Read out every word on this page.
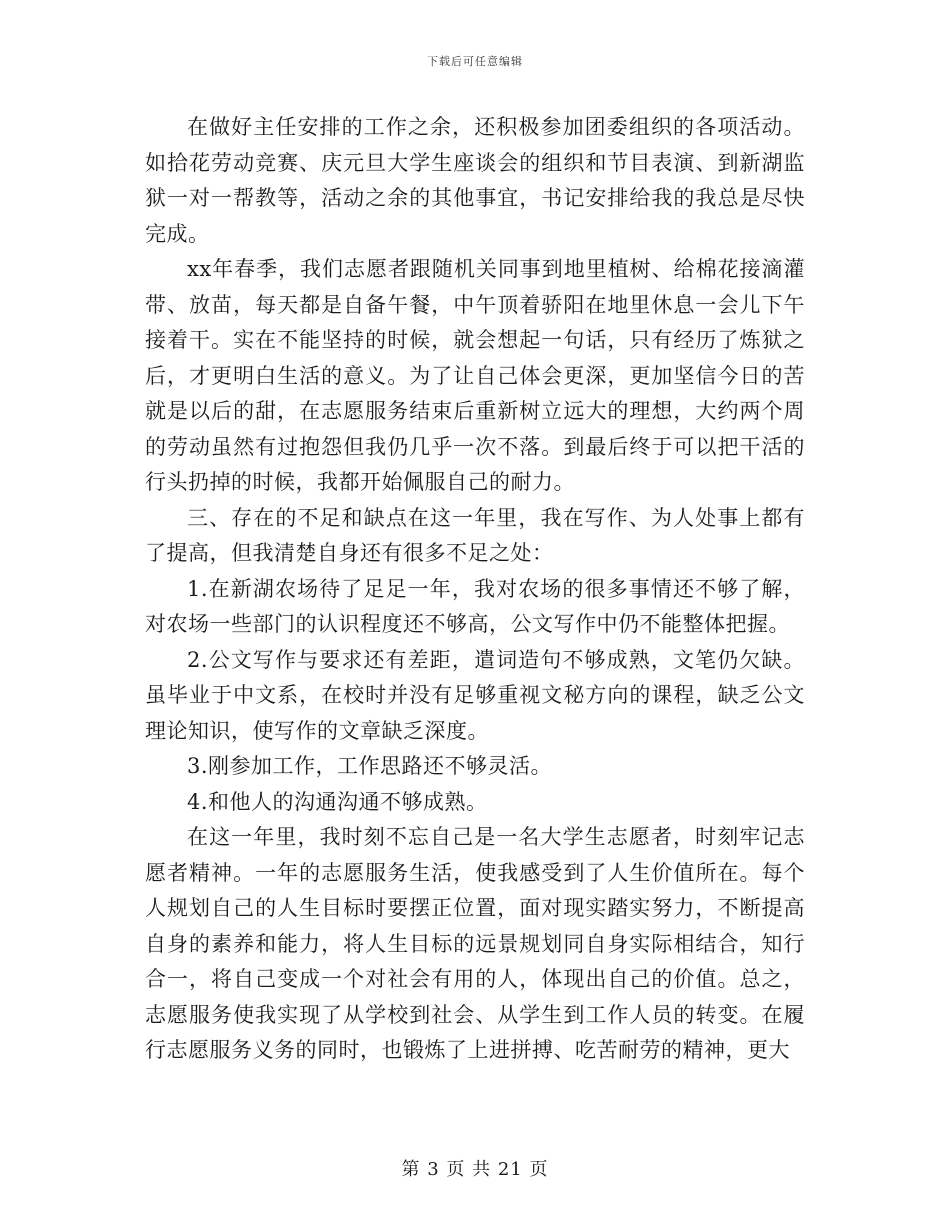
下载后可任意编辑

在做好主任安排的工作之余，还积极参加团委组织的各项活动。如拾花劳动竞赛、庆元旦大学生座谈会的组织和节目表演、到新湖监狱一对一帮教等，活动之余的其他事宜，书记安排给我的我总是尽快完成。

xx年春季，我们志愿者跟随机关同事到地里植树、给棉花接滴灌带、放苗，每天都是自备午餐，中午顶着骄阳在地里休息一会儿下午接着干。实在不能坚持的时候，就会想起一句话，只有经历了炼狱之后，才更明白生活的意义。为了让自己体会更深，更加坚信今日的苦就是以后的甜，在志愿服务结束后重新树立远大的理想，大约两个周的劳动虽然有过抱怨但我仍几乎一次不落。到最后终于可以把干活的行头扔掉的时候，我都开始佩服自己的耐力。

三、存在的不足和缺点在这一年里，我在写作、为人处事上都有了提高，但我清楚自身还有很多不足之处：

1.在新湖农场待了足足一年，我对农场的很多事情还不够了解，对农场一些部门的认识程度还不够高，公文写作中仍不能整体把握。

2.公文写作与要求还有差距，遣词造句不够成熟，文笔仍欠缺。虽毕业于中文系，在校时并没有足够重视文秘方向的课程，缺乏公文理论知识，使写作的文章缺乏深度。

3.刚参加工作，工作思路还不够灵活。

4.和他人的沟通沟通不够成熟。

在这一年里，我时刻不忘自己是一名大学生志愿者，时刻牢记志愿者精神。一年的志愿服务生活，使我感受到了人生价值所在。每个人规划自己的人生目标时要摆正位置，面对现实踏实努力，不断提高自身的素养和能力，将人生目标的远景规划同自身实际相结合，知行合一，将自己变成一个对社会有用的人，体现出自己的价值。总之，志愿服务使我实现了从学校到社会、从学生到工作人员的转变。在履行志愿服务义务的同时，也锻炼了上进拼搏、吃苦耐劳的精神，更大

第 3 页 共 21 页
